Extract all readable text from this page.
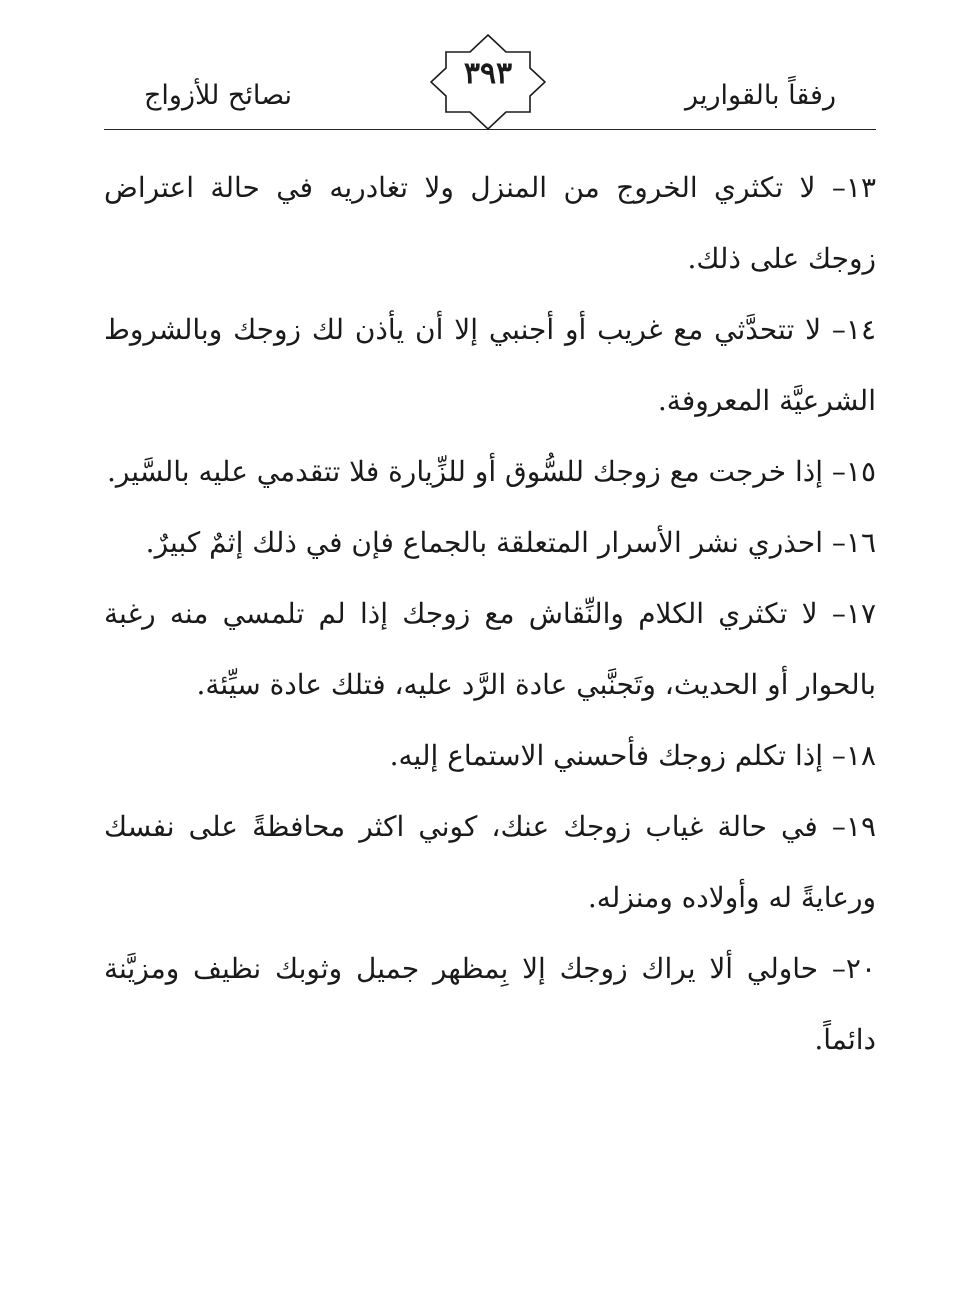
رفقاً بالقوارير
٣٩٣
نصائح للأزواج

١٣– لا تكثري الخروج من المنزل ولا تغادريه في حالة اعتراض زوجك على ذلك.

١٤– لا تتحدَّثي مع غريب أو أجنبي إلا أن يأذن لك زوجك وبالشروط الشرعيَّة المعروفة.

١٥– إذا خرجت مع زوجك للسُّوق أو للزِّيارة فلا تتقدمي عليه بالسَّير.

١٦– احذري نشر الأسرار المتعلقة بالجماع فإن في ذلك إثمٌ كبيرٌ.

١٧– لا تكثري الكلام والنِّقاش مع زوجك إذا لم تلمسي منه رغبة بالحوار أو الحديث، وتَجنَّبي عادة الرَّد عليه، فتلك عادة سيِّئة.

١٨– إذا تكلم زوجك فأحسني الاستماع إليه.

١٩– في حالة غياب زوجك عنك، كوني اكثر محافظةً على نفسك ورعايةً له وأولاده ومنزله.

٢٠– حاولي ألا يراك زوجك إلا بِمظهر جميل وثوبك نظيف ومزيَّنة دائماً.
